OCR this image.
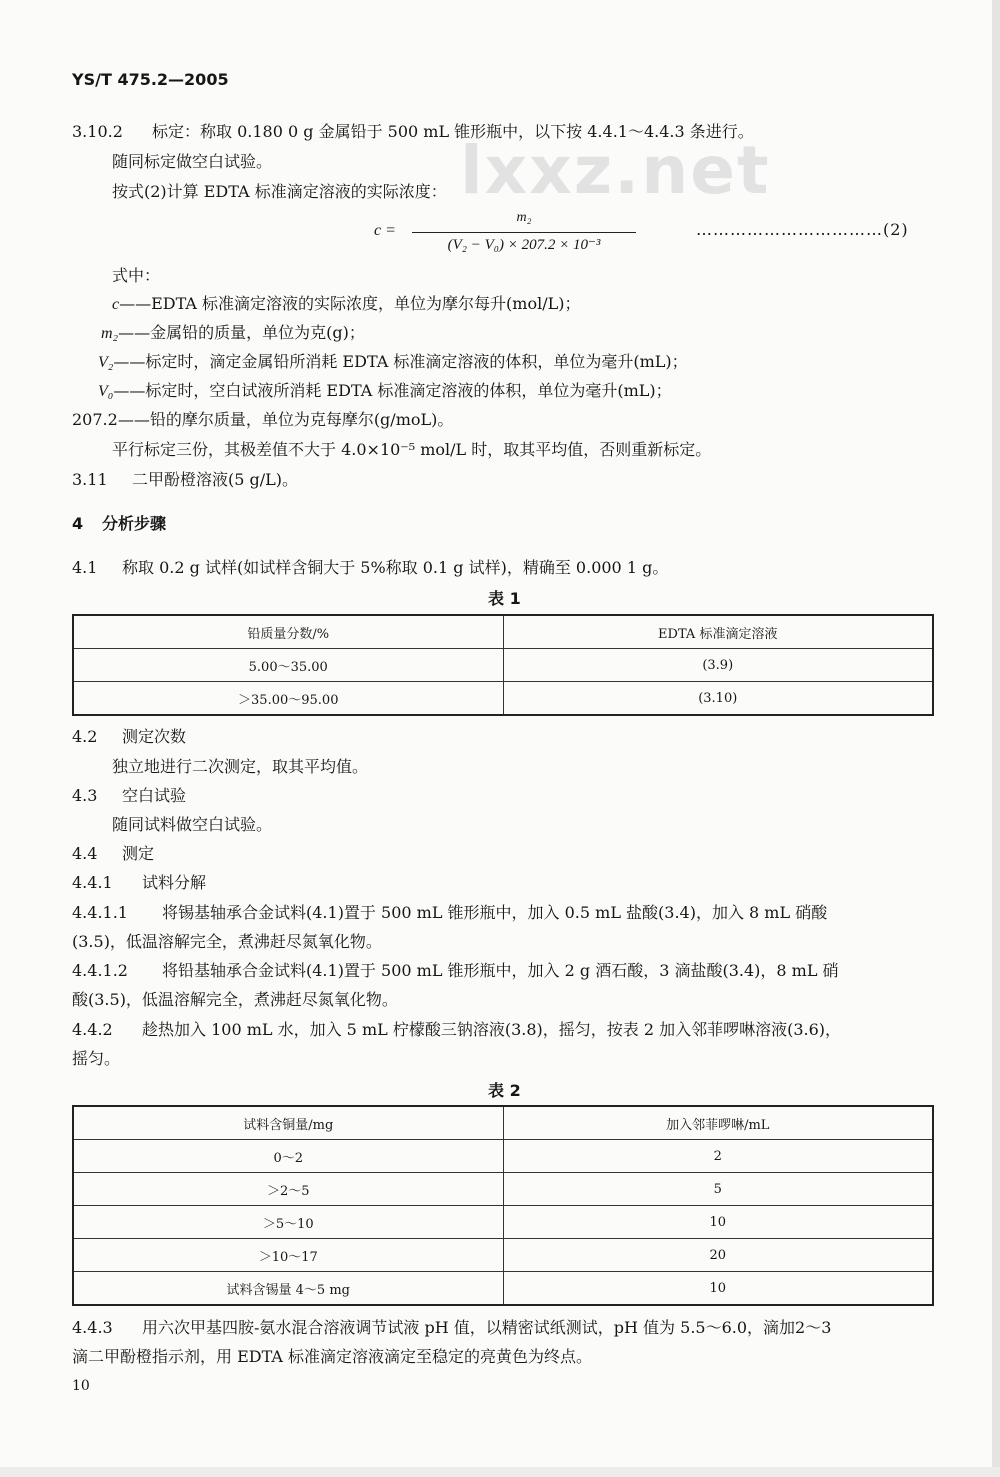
lxxz.net
YS/T 475.2—2005
3.10.2 标定：称取 0.180 0 g 金属铅于 500 mL 锥形瓶中，以下按 4.4.1～4.4.3 条进行。
随同标定做空白试验。
按式(2)计算 EDTA 标准滴定溶液的实际浓度：
c =
m₂
(V₂ − V₀) × 207.2 × 10⁻³
……………………………(2)
式中：
c——EDTA 标准滴定溶液的实际浓度，单位为摩尔每升(mol/L)；
m₂——金属铅的质量，单位为克(g)；
V₂——标定时，滴定金属铅所消耗 EDTA 标准滴定溶液的体积，单位为毫升(mL)；
V₀——标定时，空白试液所消耗 EDTA 标准滴定溶液的体积，单位为毫升(mL)；
207.2——铅的摩尔质量，单位为克每摩尔(g/moL)。
平行标定三份，其极差值不大于 4.0×10⁻⁵ mol/L 时，取其平均值，否则重新标定。
3.11 二甲酚橙溶液(5 g/L)。
4 分析步骤
4.1 称取 0.2 g 试样(如试样含铜大于 5%称取 0.1 g 试样)，精确至 0.000 1 g。
表 1
铅质量分数/%	EDTA 标准滴定溶液
5.00～35.00	(3.9)
＞35.00～95.00	(3.10)
4.2 测定次数
独立地进行二次测定，取其平均值。
4.3 空白试验
随同试料做空白试验。
4.4 测定
4.4.1 试料分解
4.4.1.1 将锡基轴承合金试料(4.1)置于 500 mL 锥形瓶中，加入 0.5 mL 盐酸(3.4)，加入 8 mL 硝酸
(3.5)，低温溶解完全，煮沸赶尽氮氧化物。
4.4.1.2 将铅基轴承合金试料(4.1)置于 500 mL 锥形瓶中，加入 2 g 酒石酸，3 滴盐酸(3.4)，8 mL 硝
酸(3.5)，低温溶解完全，煮沸赶尽氮氧化物。
4.4.2 趁热加入 100 mL 水，加入 5 mL 柠檬酸三钠溶液(3.8)，摇匀，按表 2 加入邻菲啰啉溶液(3.6)，
摇匀。
表 2
试料含铜量/mg	加入邻菲啰啉/mL
0～2	2
＞2～5	5
＞5～10	10
＞10～17	20
试料含锡量 4～5 mg	10
4.4.3 用六次甲基四胺-氨水混合溶液调节试液 pH 值，以精密试纸测试，pH 值为 5.5～6.0，滴加2～3
滴二甲酚橙指示剂，用 EDTA 标准滴定溶液滴定至稳定的亮黄色为终点。
10
